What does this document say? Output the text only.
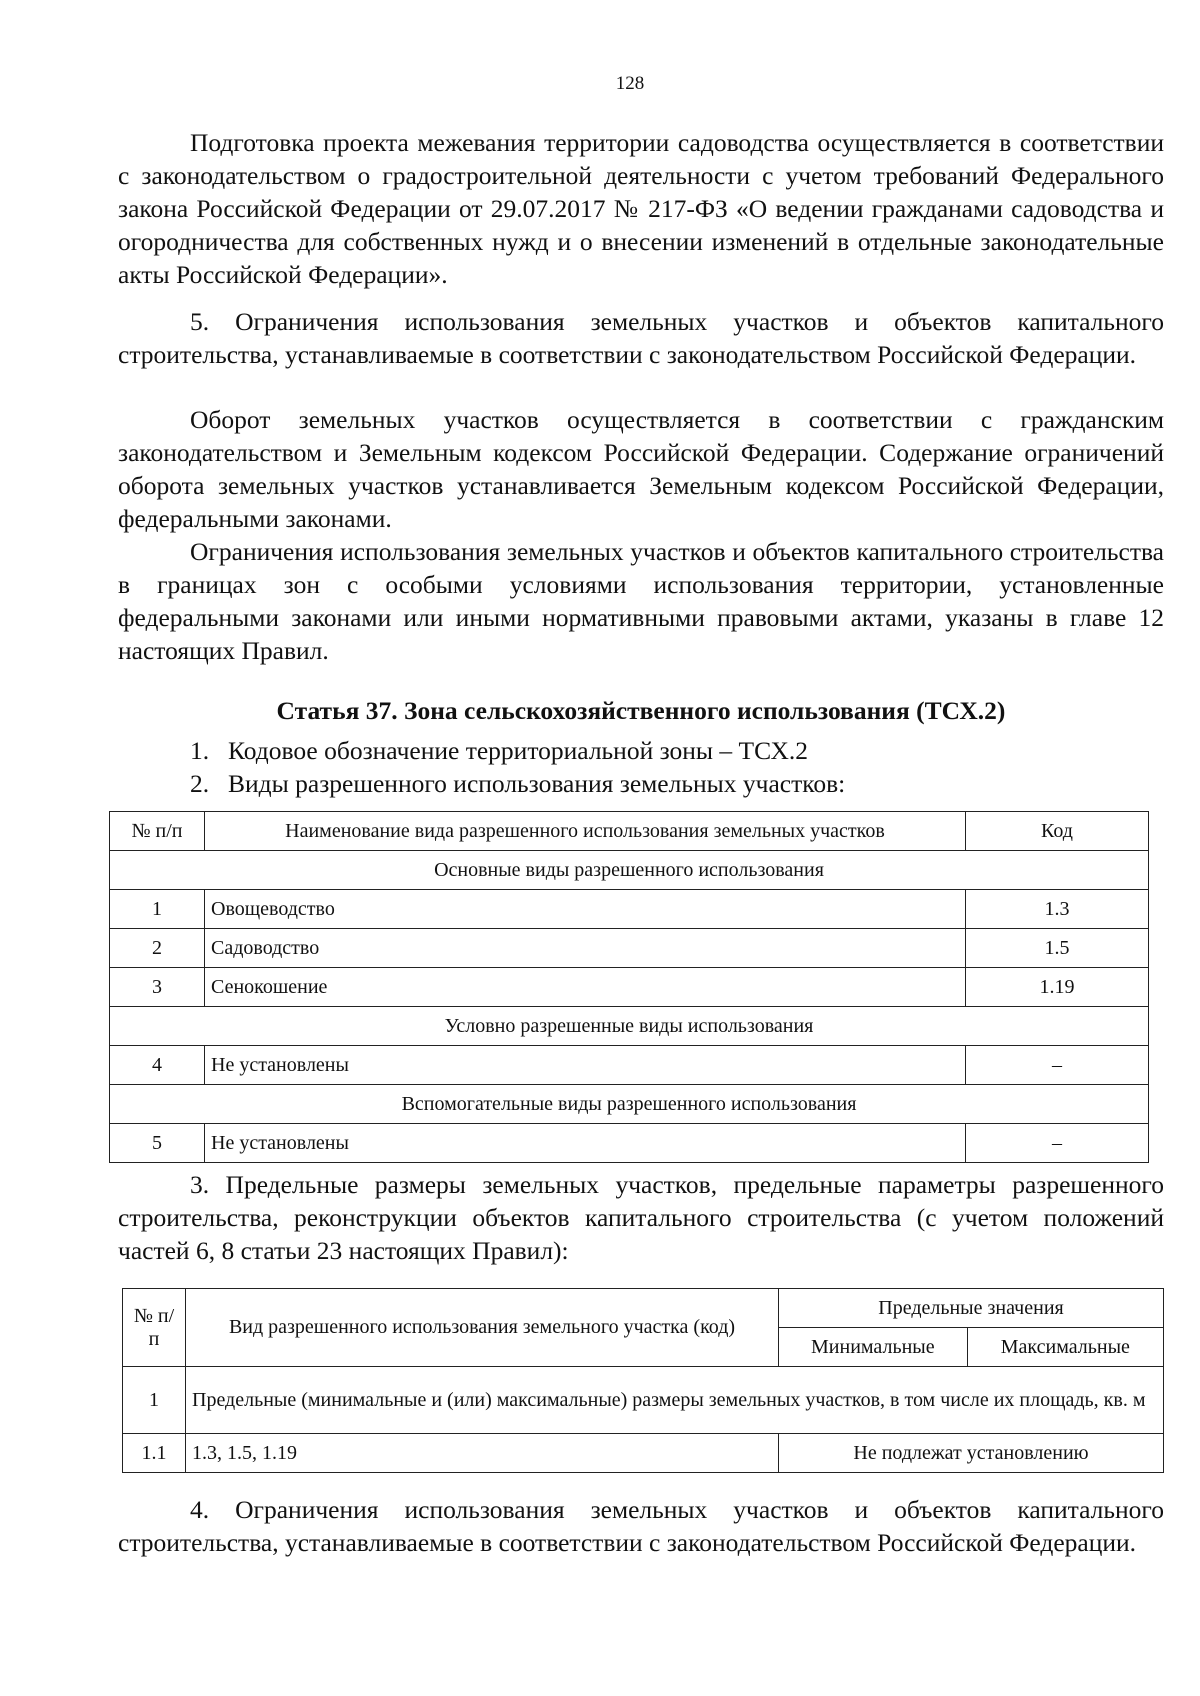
128

Подготовка проекта межевания территории садоводства осуществляется в соответствии с законодательством о градостроительной деятельности с учетом требований Федерального закона Российской Федерации от 29.07.2017 № 217-ФЗ «О ведении гражданами садоводства и огородничества для собственных нужд и о внесении изменений в отдельные законодательные акты Российской Федерации».

5. Ограничения использования земельных участков и объектов капитального строительства, устанавливаемые в соответствии с законодательством Российской Федерации.

Оборот земельных участков осуществляется в соответствии с гражданским законодательством и Земельным кодексом Российской Федерации. Содержание ограничений оборота земельных участков устанавливается Земельным кодексом Российской Федерации, федеральными законами.

Ограничения использования земельных участков и объектов капитального строительства в границах зон с особыми условиями использования территории, установленные федеральными законами или иными нормативными правовыми актами, указаны в главе 12 настоящих Правил.

Статья 37. Зона сельскохозяйственного использования (ТСХ.2)
1. Кодовое обозначение территориальной зоны – ТСХ.2
2. Виды разрешенного использования земельных участков:
№ п/п	Наименование вида разрешенного использования земельных участков	Код
Основные виды разрешенного использования		
1	Овощеводство	1.3
2	Садоводство	1.5
3	Сенокошение	1.19
Условно разрешенные виды использования		
4	Не установлены	–
Вспомогательные виды разрешенного использования		
5	Не установлены	–

3. Предельные размеры земельных участков, предельные параметры разрешенного строительства, реконструкции объектов капитального строительства (с учетом положений частей 6, 8 статьи 23 настоящих Правил):

№ п/п	Вид разрешенного использования земельного участка (код)	Предельные значения	
		Минимальные	Максимальные
1	Предельные (минимальные и (или) максимальные) размеры земельных участков, в том числе их площадь, кв. м		
1.1	1.3, 1.5, 1.19	Не подлежат установлению	

4. Ограничения использования земельных участков и объектов капитального строительства, устанавливаемые в соответствии с законодательством Российской Федерации.
